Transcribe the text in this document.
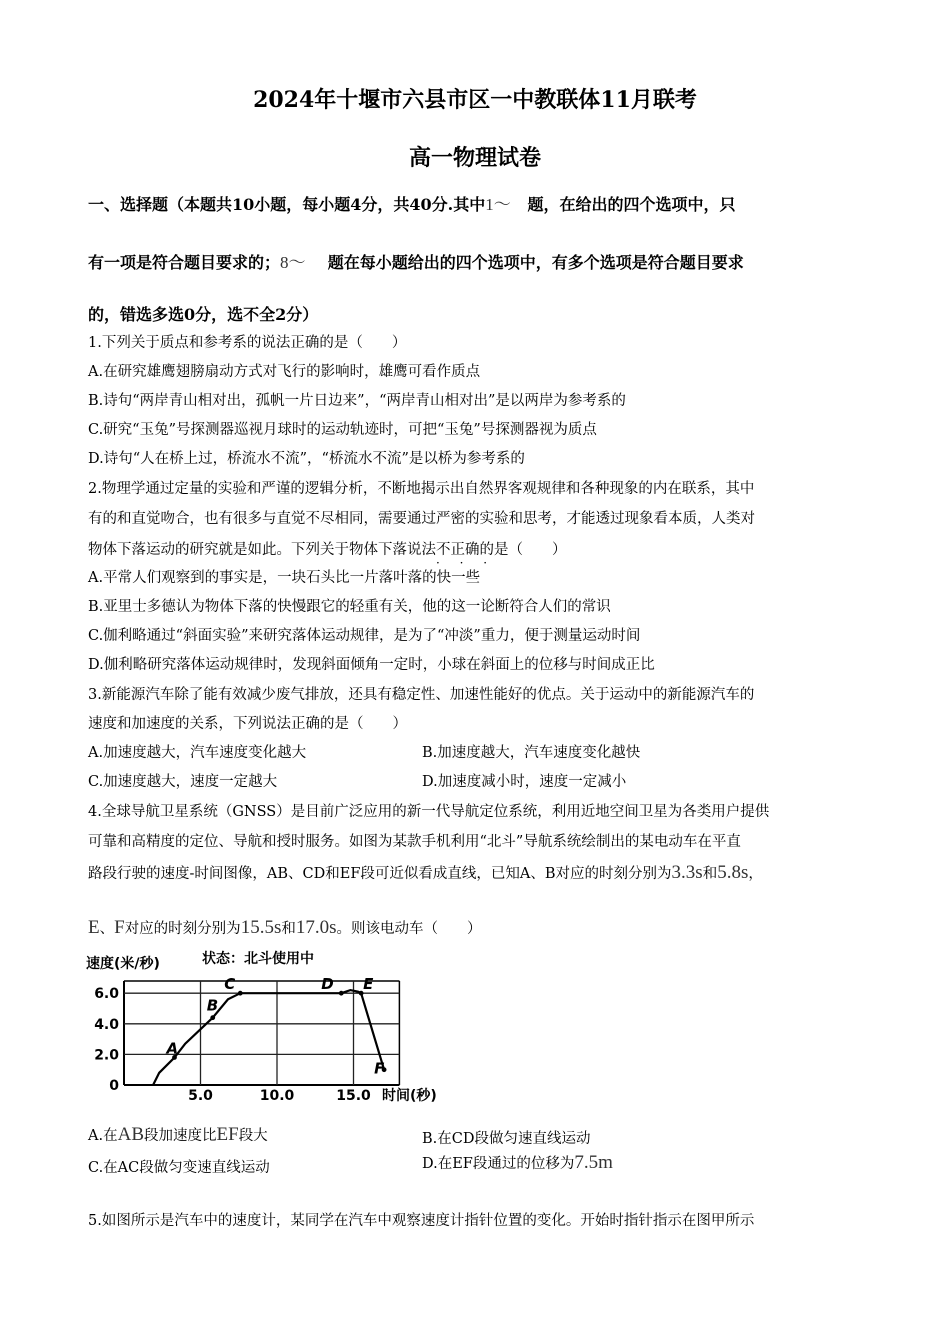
2024年十堰市六县市区一中教联体11月联考
高一物理试卷
一、选择题（本题共10小题，每小题4分，共40分.其中1～ 题，在给出的四个选项中，只
有一项是符合题目要求的；8～ 题在每小题给出的四个选项中，有多个选项是符合题目要求
的，错选多选0分，选不全2分）
1.下列关于质点和参考系的说法正确的是（　　）
A.在研究雄鹰翅膀扇动方式对飞行的影响时，雄鹰可看作质点
B.诗句“两岸青山相对出，孤帆一片日边来”，“两岸青山相对出”是以两岸为参考系的
C.研究“玉兔”号探测器巡视月球时的运动轨迹时，可把“玉兔”号探测器视为质点
D.诗句“人在桥上过，桥流水不流”，“桥流水不流”是以桥为参考系的
2.物理学通过定量的实验和严谨的逻辑分析，不断地揭示出自然界客观规律和各种现象的内在联系，其中
有的和直觉吻合，也有很多与直觉不尽相同，需要通过严密的实验和思考，才能透过现象看本质，人类对
物体下落运动的研究就是如此。下列关于物体下落说法不正确
· · ·
的是（　　）
A.平常人们观察到的事实是，一块石头比一片落叶落的快一些
B.亚里士多德认为物体下落的快慢跟它的轻重有关，他的这一论断符合人们的常识
C.伽利略通过“斜面实验”来研究落体运动规律，是为了“冲淡”重力，便于测量运动时间
D.伽利略研究落体运动规律时，发现斜面倾角一定时，小球在斜面上的位移与时间成正比
3.新能源汽车除了能有效减少废气排放，还具有稳定性、加速性能好的优点。关于运动中的新能源汽车的
速度和加速度的关系，下列说法正确的是（　　）
A.加速度越大，汽车速度变化越大	B.加速度越大，汽车速度变化越快
C.加速度越大，速度一定越大	D.加速度减小时，速度一定减小
4.全球导航卫星系统（GNSS）是目前广泛应用的新一代导航定位系统，利用近地空间卫星为各类用户提供
可靠和高精度的定位、导航和授时服务。如图为某款手机利用“北斗”导航系统绘制出的某电动车在平直
路段行驶的速度-时间图像，AB、CD和EF段可近似看成直线，已知A、B对应的时刻分别为3.3s和5.8s，
E、F对应的时刻分别为15.5s和17.0s。则该电动车（　　）
速度(米/秒)	状态：北斗使用中
时间(秒)
0
2.0
4.0
6.0
5.0	10.0	15.0
A
B
C	D E
F
A.在AB段加速度比EF段大	B.在CD段做匀速直线运动
C.在AC段做匀变速直线运动	D.在EF段通过的位移为7.5m
5.如图所示是汽车中的速度计，某同学在汽车中观察速度计指针位置的变化。开始时指针指示在图甲所示
